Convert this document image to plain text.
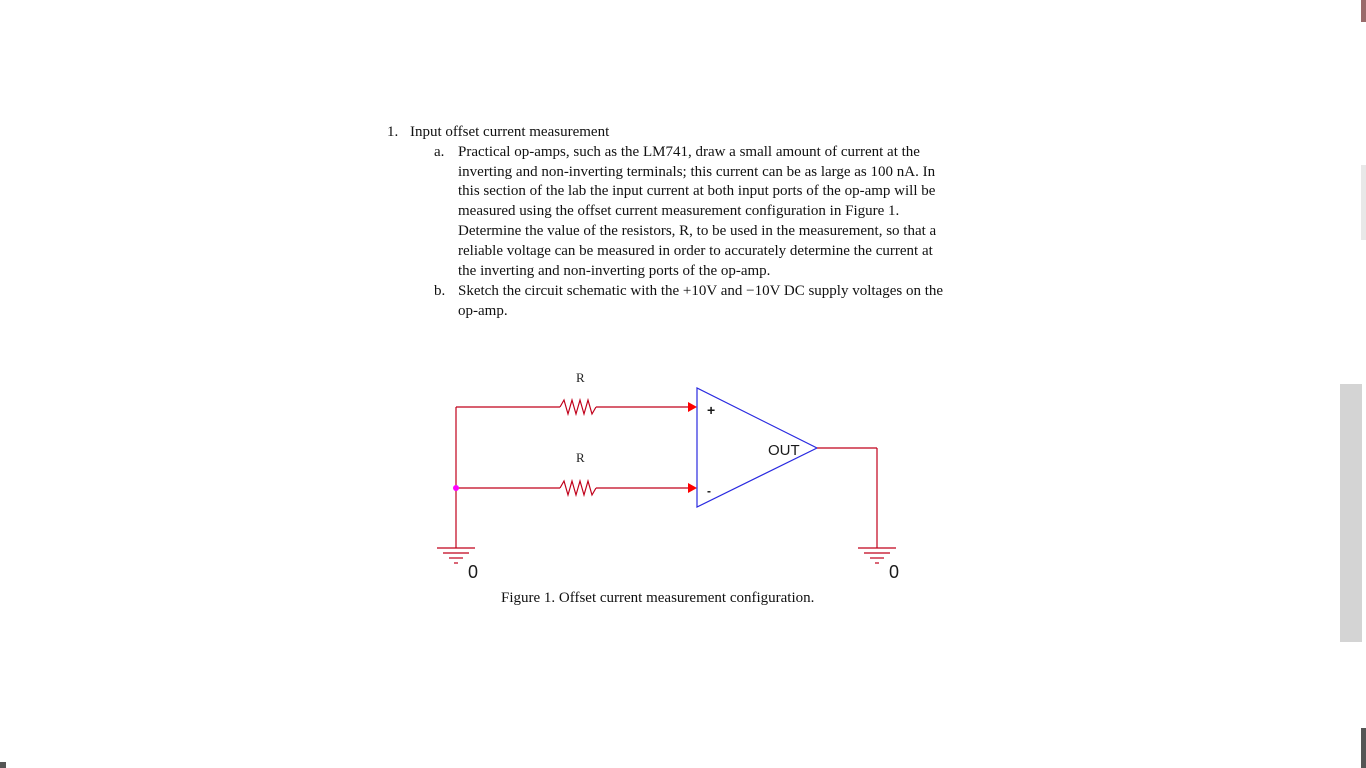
1. Input offset current measurement
a. Practical op-amps, such as the LM741, draw a small amount of current at the
inverting and non-inverting terminals; this current can be as large as 100 nA. In
this section of the lab the input current at both input ports of the op-amp will be
measured using the offset current measurement configuration in Figure 1.
Determine the value of the resistors, R, to be used in the measurement, so that a
reliable voltage can be measured in order to accurately determine the current at
the inverting and non-inverting ports of the op-amp.
b. Sketch the circuit schematic with the +10V and −10V DC supply voltages on the
op-amp.
R
R
+
-
OUT
0	0
Figure 1. Offset current measurement configuration.
